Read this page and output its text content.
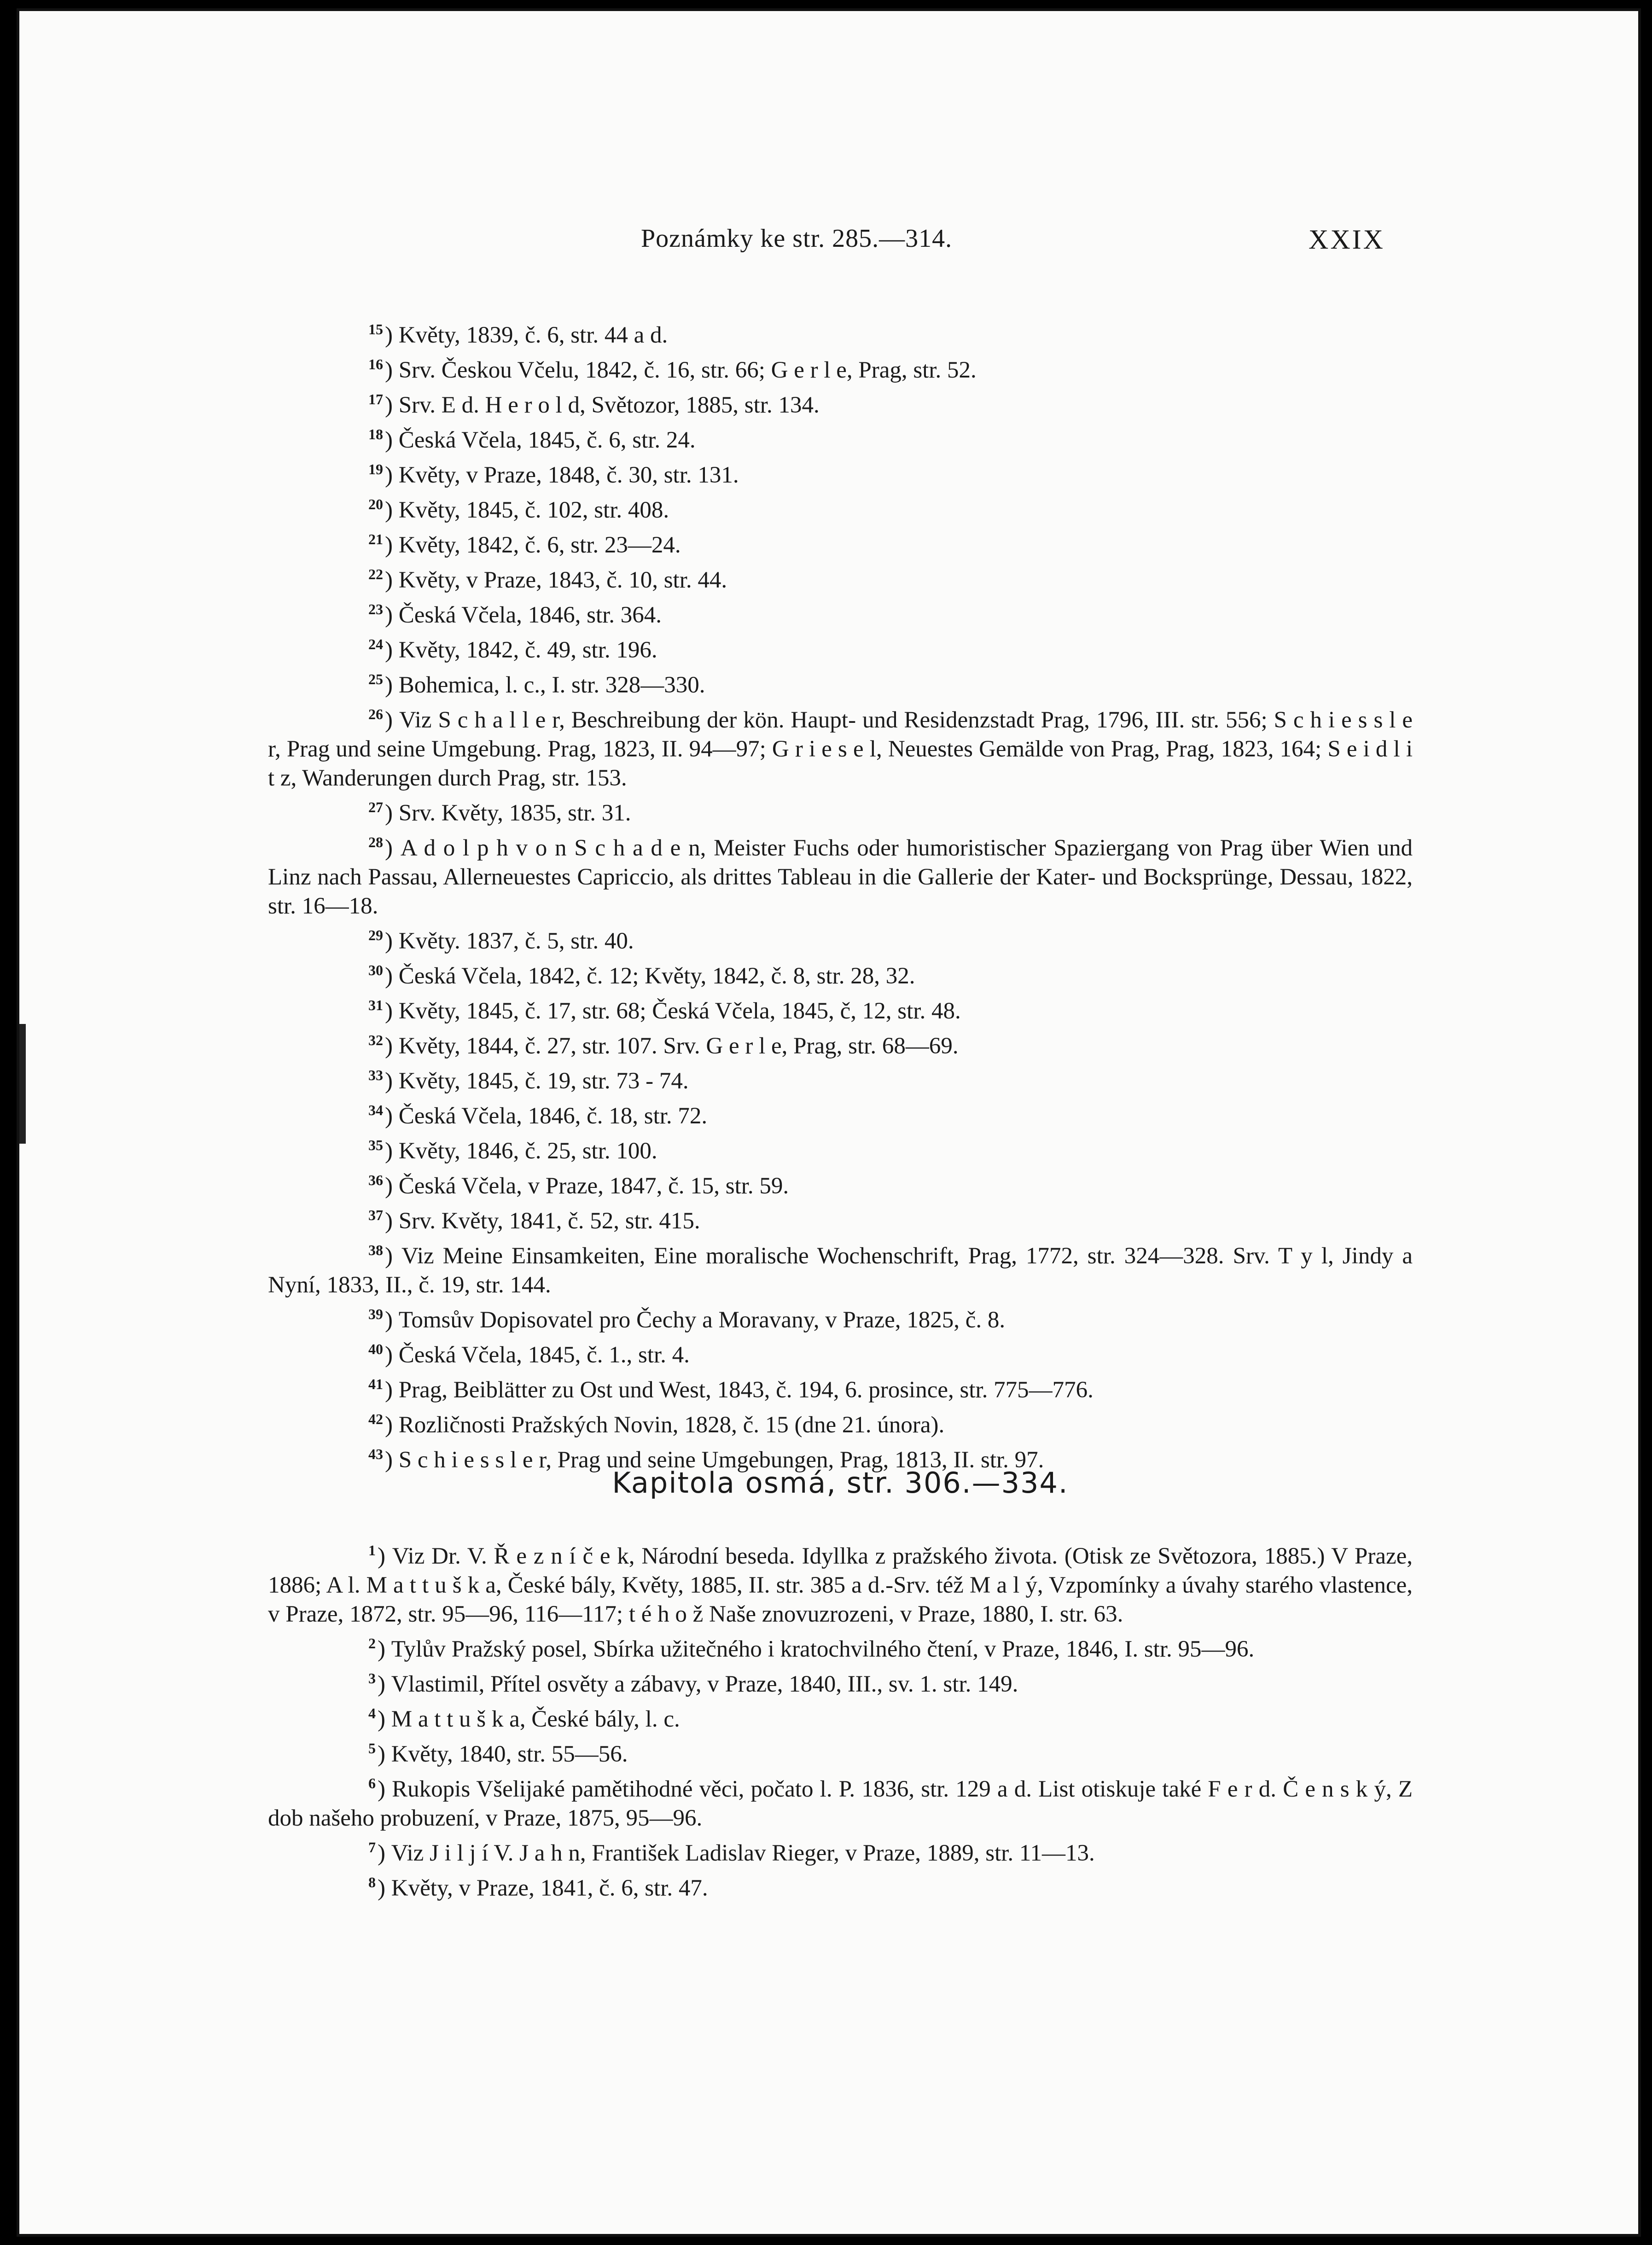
Poznámky ke str. 285.—314.	XXIX

$^{15}$) Květy, 1839, č. 6, str. 44 a d.

$^{16}$) Srv. Českou Včelu, 1842, č. 16, str. 66; G e r l e, Prag, str. 52.

$^{17}$) Srv. E d. H e r o l d, Světozor, 1885, str. 134.

$^{18}$) Česká Včela, 1845, č. 6, str. 24.

$^{19}$) Květy, v Praze, 1848, č. 30, str. 131.

$^{20}$) Květy, 1845, č. 102, str. 408.

$^{21}$) Květy, 1842, č. 6, str. 23—24.

$^{22}$) Květy, v Praze, 1843, č. 10, str. 44.

$^{23}$) Česká Včela, 1846, str. 364.

$^{24}$) Květy, 1842, č. 49, str. 196.

$^{25}$) Bohemica, l. c., I. str. 328—330.

$^{26}$) Viz S c h a l l e r, Beschreibung der kön. Haupt- und Residenzstadt Prag, 1796, III. str. 556; S c h i e s s l e r, Prag und seine Umgebung. Prag, 1823, II. 94—97; G r i e s e l, Neuestes Gemälde von Prag, Prag, 1823, 164; S e i d l i t z, Wanderungen durch Prag, str. 153.

$^{27}$) Srv. Květy, 1835, str. 31.

$^{28}$) A d o l p h v o n S c h a d e n, Meister Fuchs oder humoristischer Spaziergang von Prag über Wien und Linz nach Passau, Allerneuestes Capriccio, als drittes Tableau in die Gallerie der Kater- und Bocksprünge, Dessau, 1822, str. 16—18.

$^{29}$) Květy. 1837, č. 5, str. 40.

$^{30}$) Česká Včela, 1842, č. 12; Květy, 1842, č. 8, str. 28, 32.

$^{31}$) Květy, 1845, č. 17, str. 68; Česká Včela, 1845, č, 12, str. 48.

$^{32}$) Květy, 1844, č. 27, str. 107. Srv. G e r l e, Prag, str. 68—69.

$^{33}$) Květy, 1845, č. 19, str. 73 - 74.

$^{34}$) Česká Včela, 1846, č. 18, str. 72.

$^{35}$) Květy, 1846, č. 25, str. 100.

$^{36}$) Česká Včela, v Praze, 1847, č. 15, str. 59.

$^{37}$) Srv. Květy, 1841, č. 52, str. 415.

$^{38}$) Viz Meine Einsamkeiten, Eine moralische Wochenschrift, Prag, 1772, str. 324—328. Srv. T y l, Jindy a Nyní, 1833, II., č. 19, str. 144.

$^{39}$) Tomsův Dopisovatel pro Čechy a Moravany, v Praze, 1825, č. 8.

$^{40}$) Česká Včela, 1845, č. 1., str. 4.

$^{41}$) Prag, Beiblätter zu Ost und West, 1843, č. 194, 6. prosince, str. 775—776.

$^{42}$) Rozličnosti Pražských Novin, 1828, č. 15 (dne 21. února).

$^{43}$) S c h i e s s l e r, Prag und seine Umgebungen, Prag, 1813, II. str. 97.

Kapitola osmá, str. 306.—334.

$^1$) Viz Dr. V. Ř e z n í č e k, Národní beseda. Idyllka z pražského života. (Otisk ze Světozora, 1885.) V Praze, 1886; A l. M a t t u š k a, České bály, Květy, 1885, II. str. 385 a d.-Srv. též M a l ý, Vzpomínky a úvahy starého vlastence, v Praze, 1872, str. 95—96, 116—117; t é h o ž Naše znovuzrozeni, v Praze, 1880, I. str. 63.

$^2$) Tylův Pražský posel, Sbírka užitečného i kratochvilného čtení, v Praze, 1846, I. str. 95—96.

$^3$) Vlastimil, Přítel osvěty a zábavy, v Praze, 1840, III., sv. 1. str. 149.

$^4$) M a t t u š k a, České bály, l. c.

$^5$) Květy, 1840, str. 55—56.

$^6$) Rukopis Všelijaké pamětihodné věci, počato l. P. 1836, str. 129 a d. List otiskuje také F e r d. Č e n s k ý, Z dob našeho probuzení, v Praze, 1875, 95—96.

$^7$) Viz J i l j í V. J a h n, František Ladislav Rieger, v Praze, 1889, str. 11—13.

$^8$) Květy, v Praze, 1841, č. 6, str. 47.
